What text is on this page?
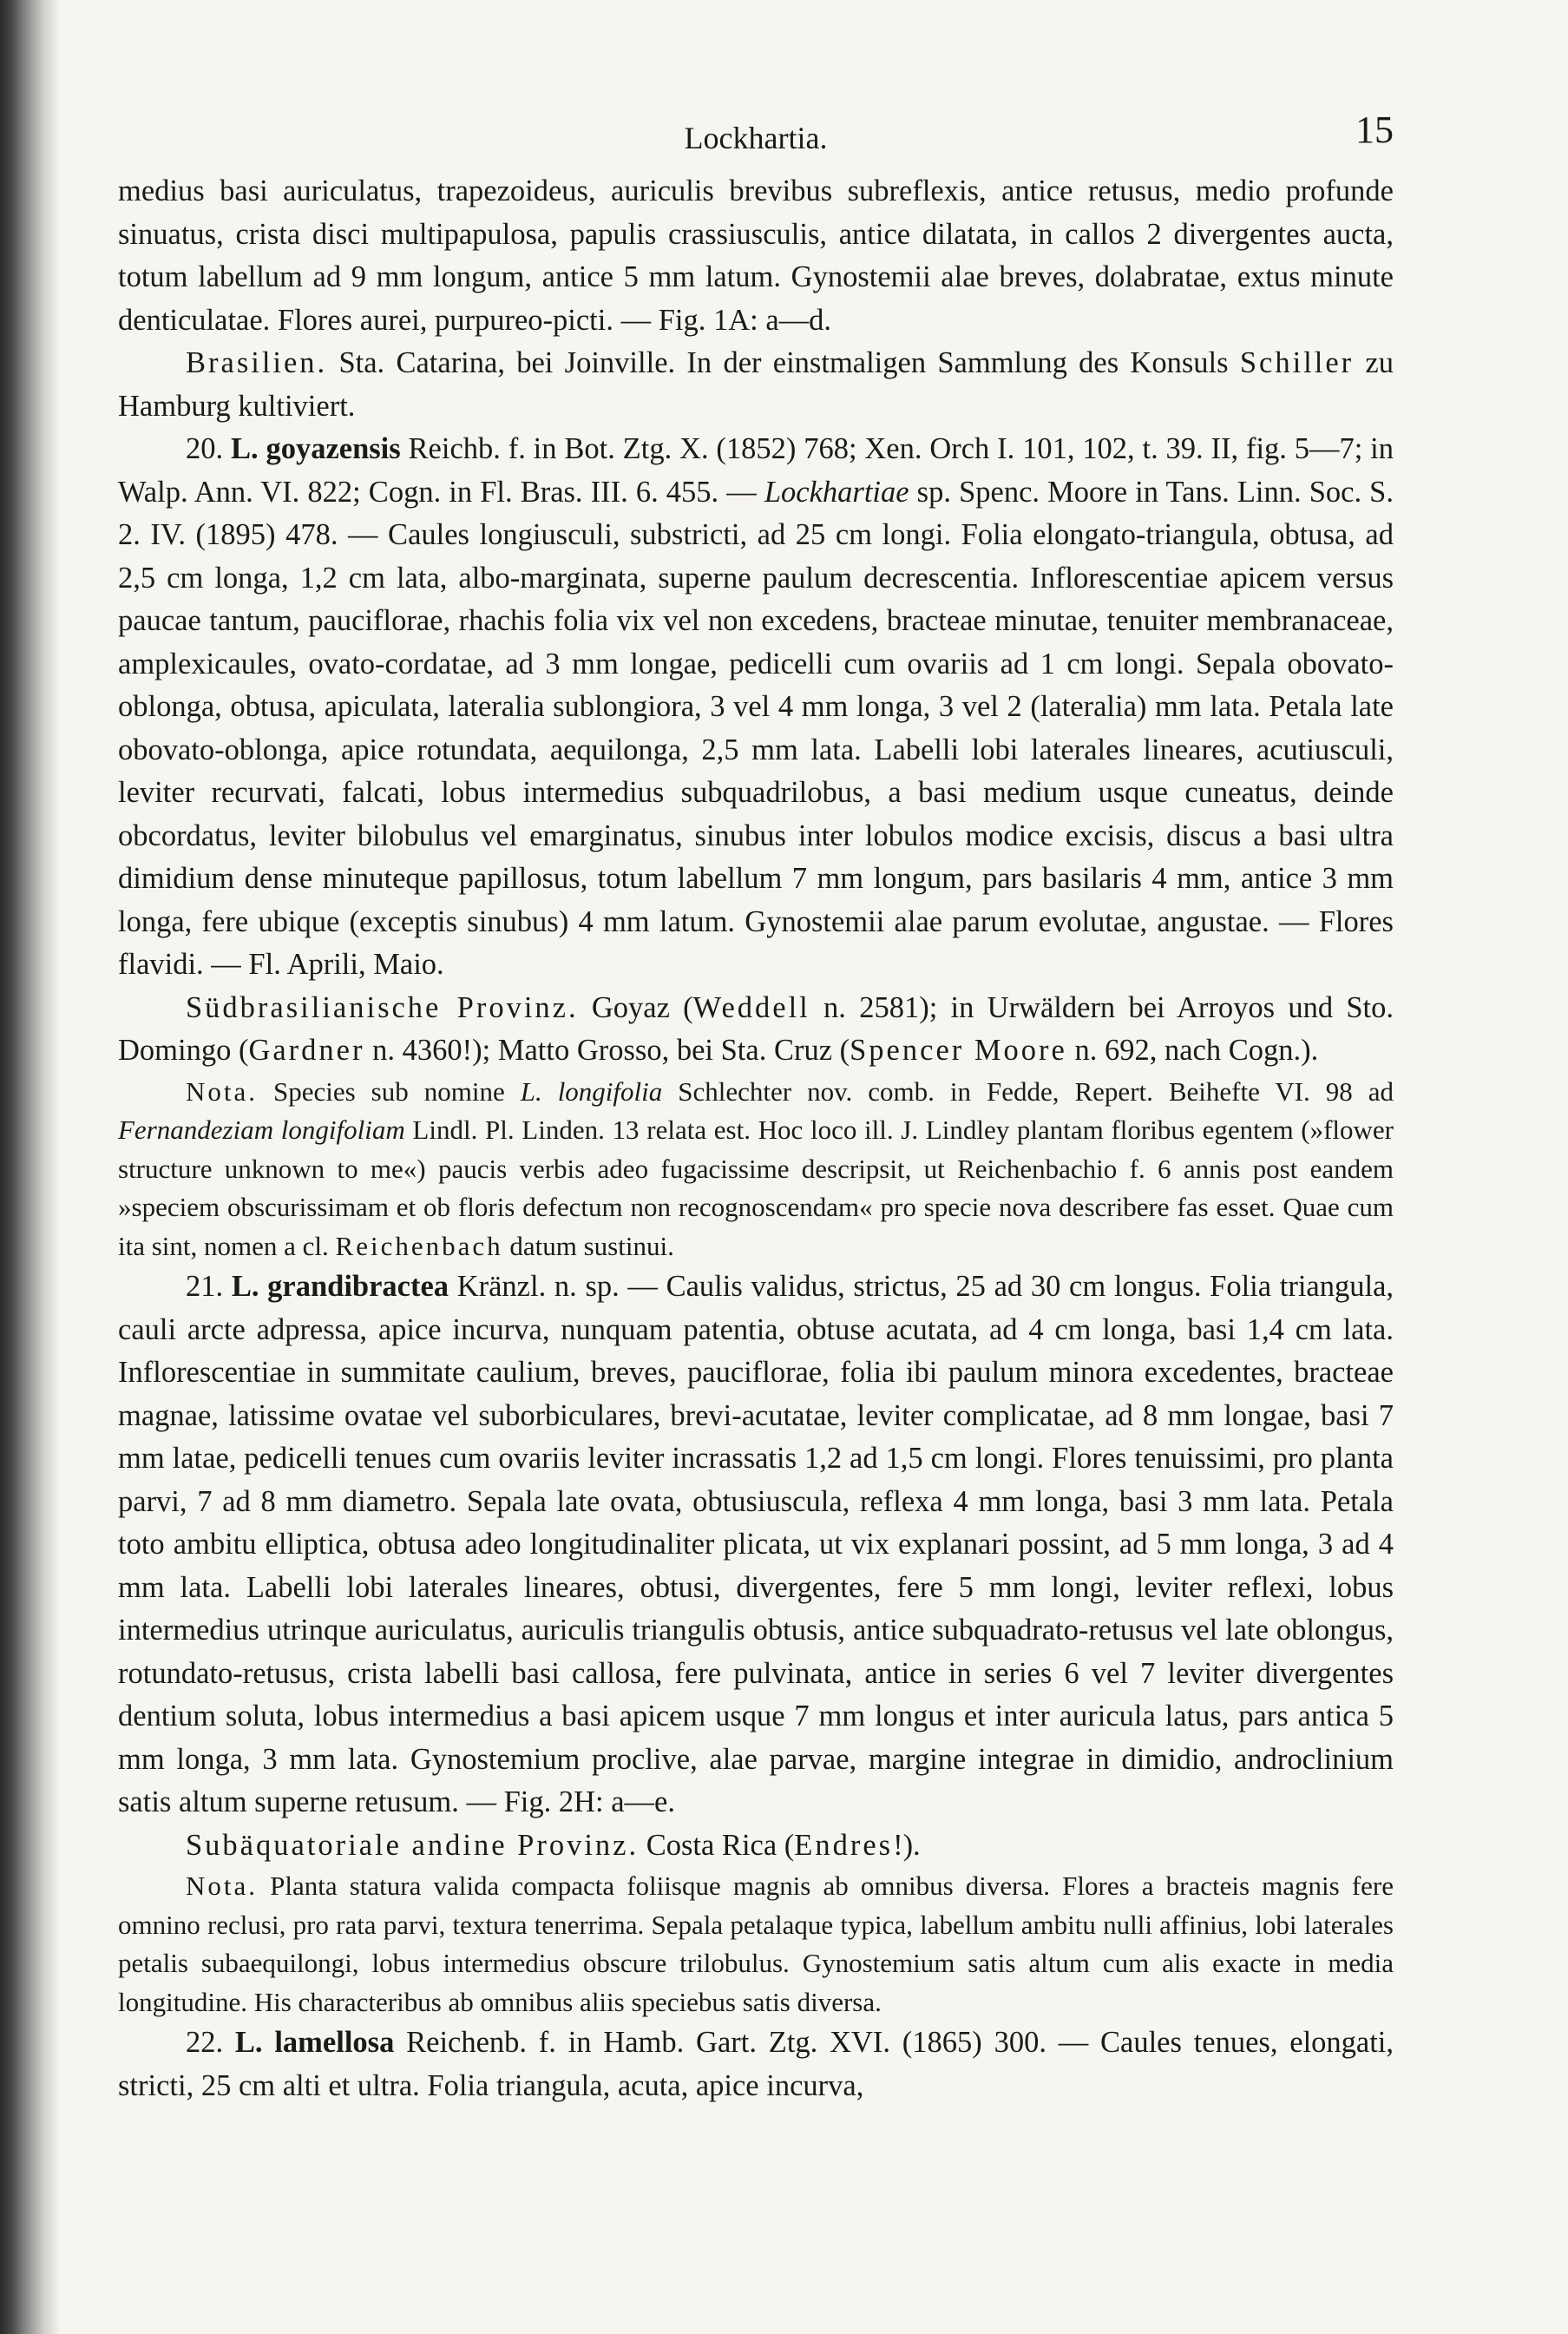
Lockhartia.	15

medius basi auriculatus, trapezoideus, auriculis brevibus subreflexis, antice retusus, medio profunde sinuatus, crista disci multipapulosa, papulis crassiusculis, antice dilatata, in callos 2 divergentes aucta, totum labellum ad 9 mm longum, antice 5 mm latum. Gynostemii alae breves, dolabratae, extus minute denticulatae. Flores aurei, purpureo-picti. — Fig. 1A: a—d.

Brasilien. Sta. Catarina, bei Joinville. In der einstmaligen Sammlung des Konsuls Schiller zu Hamburg kultiviert.

20. L. goyazensis Reichb. f. in Bot. Ztg. X. (1852) 768; Xen. Orch I. 101, 102, t. 39. II, fig. 5—7; in Walp. Ann. VI. 822; Cogn. in Fl. Bras. III. 6. 455. — Lockhartiae sp. Spenc. Moore in Tans. Linn. Soc. S. 2. IV. (1895) 478. — Caules longiusculi, substricti, ad 25 cm longi. Folia elongato-triangula, obtusa, ad 2,5 cm longa, 1,2 cm lata, albo-marginata, superne paulum decrescentia. Inflorescentiae apicem versus paucae tantum, pauciflorae, rhachis folia vix vel non excedens, bracteae minutae, tenuiter membranaceae, amplexicaules, ovato-cordatae, ad 3 mm longae, pedicelli cum ovariis ad 1 cm longi. Sepala obovato-oblonga, obtusa, apiculata, lateralia sublongiora, 3 vel 4 mm longa, 3 vel 2 (lateralia) mm lata. Petala late obovato-oblonga, apice rotundata, aequilonga, 2,5 mm lata. Labelli lobi laterales lineares, acutiusculi, leviter recurvati, falcati, lobus intermedius subquadrilobus, a basi medium usque cuneatus, deinde obcordatus, leviter bilobulus vel emarginatus, sinubus inter lobulos modice excisis, discus a basi ultra dimidium dense minuteque papillosus, totum labellum 7 mm longum, pars basilaris 4 mm, antice 3 mm longa, fere ubique (exceptis sinubus) 4 mm latum. Gynostemii alae parum evolutae, angustae. — Flores flavidi. — Fl. Aprili, Maio.

Südbrasilianische Provinz. Goyaz (Weddell n. 2581); in Urwäldern bei Arroyos und Sto. Domingo (Gardner n. 4360!); Matto Grosso, bei Sta. Cruz (Spencer Moore n. 692, nach Cogn.).

Nota. Species sub nomine L. longifolia Schlechter nov. comb. in Fedde, Repert. Beihefte VI. 98 ad Fernandeziam longifoliam Lindl. Pl. Linden. 13 relata est. Hoc loco ill. J. Lindley plantam floribus egentem (»flower structure unknown to me«) paucis verbis adeo fugacissime descripsit, ut Reichenbachio f. 6 annis post eandem »speciem obscurissimam et ob floris defectum non recognoscendam« pro specie nova describere fas esset. Quae cum ita sint, nomen a cl. Reichenbach datum sustinui.

21. L. grandibractea Kränzl. n. sp. — Caulis validus, strictus, 25 ad 30 cm longus. Folia triangula, cauli arcte adpressa, apice incurva, nunquam patentia, obtuse acutata, ad 4 cm longa, basi 1,4 cm lata. Inflorescentiae in summitate caulium, breves, pauciflorae, folia ibi paulum minora excedentes, bracteae magnae, latissime ovatae vel suborbiculares, brevi-acutatae, leviter complicatae, ad 8 mm longae, basi 7 mm latae, pedicelli tenues cum ovariis leviter incrassatis 1,2 ad 1,5 cm longi. Flores tenuissimi, pro planta parvi, 7 ad 8 mm diametro. Sepala late ovata, obtusiuscula, reflexa 4 mm longa, basi 3 mm lata. Petala toto ambitu elliptica, obtusa adeo longitudinaliter plicata, ut vix explanari possint, ad 5 mm longa, 3 ad 4 mm lata. Labelli lobi laterales lineares, obtusi, divergentes, fere 5 mm longi, leviter reflexi, lobus intermedius utrinque auriculatus, auriculis triangulis obtusis, antice subquadrato-retusus vel late oblongus, rotundato-retusus, crista labelli basi callosa, fere pulvinata, antice in series 6 vel 7 leviter divergentes dentium soluta, lobus intermedius a basi apicem usque 7 mm longus et inter auricula latus, pars antica 5 mm longa, 3 mm lata. Gynostemium proclive, alae parvae, margine integrae in dimidio, androclinium satis altum superne retusum. — Fig. 2H: a—e.

Subäquatoriale andine Provinz. Costa Rica (Endres!).

Nota. Planta statura valida compacta foliisque magnis ab omnibus diversa. Flores a bracteis magnis fere omnino reclusi, pro rata parvi, textura tenerrima. Sepala petalaque typica, labellum ambitu nulli affinius, lobi laterales petalis subaequilongi, lobus intermedius obscure trilobulus. Gynostemium satis altum cum alis exacte in media longitudine. His characteribus ab omnibus aliis speciebus satis diversa.

22. L. lamellosa Reichenb. f. in Hamb. Gart. Ztg. XVI. (1865) 300. — Caules tenues, elongati, stricti, 25 cm alti et ultra. Folia triangula, acuta, apice incurva,
